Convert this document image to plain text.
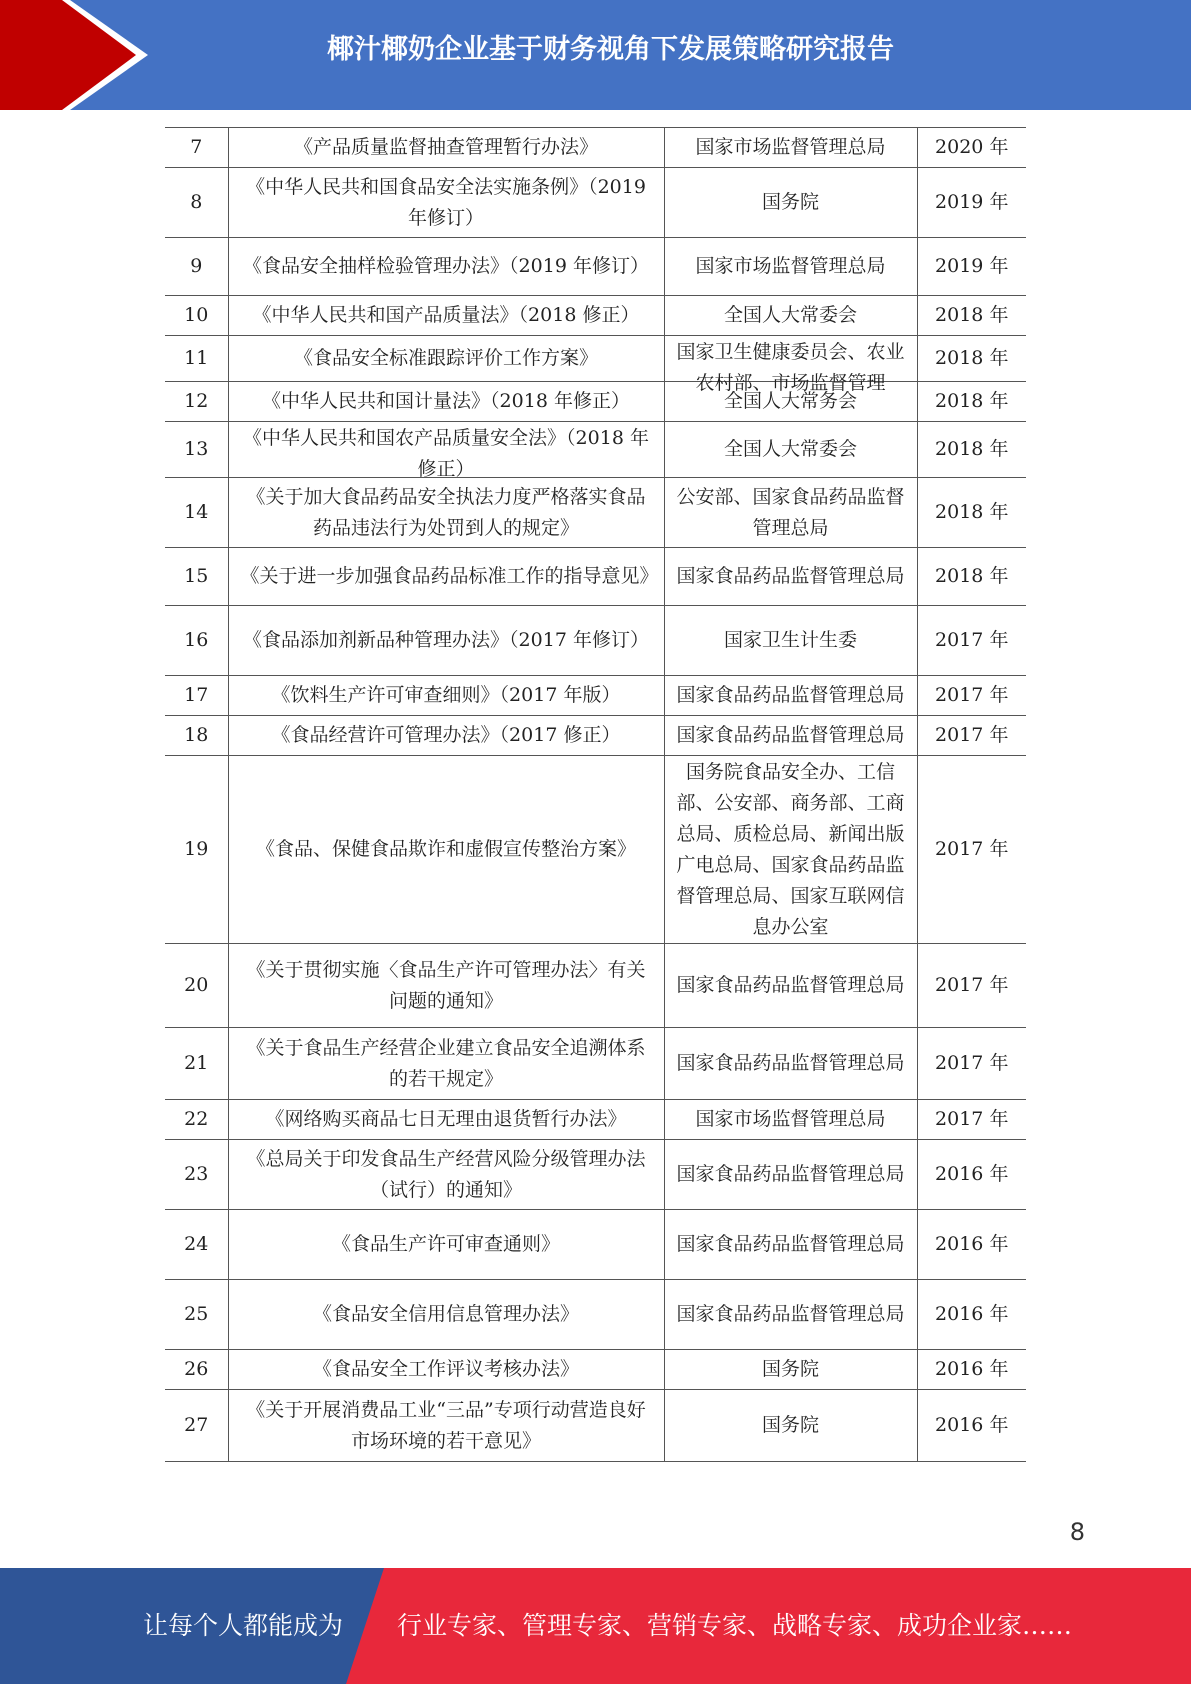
椰汁椰奶企业基于财务视角下发展策略研究报告
7	《产品质量监督抽查管理暂行办法》	国家市场监督管理总局	2020 年

8	《中华人民共和国食品安全法实施条例》（2019 年修订）	国务院	2019 年

9	《食品安全抽样检验管理办法》（2019 年修订）	国家市场监督管理总局	2019 年

10	《中华人民共和国产品质量法》（2018 修正）	全国人大常委会	2018 年

11	《食品安全标准跟踪评价工作方案》	国家卫生健康委员会、农业农村部、市场监督管理	2018 年

12	《中华人民共和国计量法》（2018 年修正）	全国人大常务会	2018 年

13	《中华人民共和国农产品质量安全法》（2018 年修正）	全国人大常委会	2018 年

14	《关于加大食品药品安全执法力度严格落实食品药品违法行为处罚到人的规定》	公安部、国家食品药品监督管理总局	2018 年

15	《关于进一步加强食品药品标准工作的指导意见》	国家食品药品监督管理总局	2018 年

16	《食品添加剂新品种管理办法》（2017 年修订）	国家卫生计生委	2017 年

17	《饮料生产许可审查细则》（2017 年版）	国家食品药品监督管理总局	2017 年

18	《食品经营许可管理办法》（2017 修正）	国家食品药品监督管理总局	2017 年

19	《食品、保健食品欺诈和虚假宣传整治方案》	国务院食品安全办、工信部、公安部、商务部、工商总局、质检总局、新闻出版广电总局、国家食品药品监督管理总局、国家互联网信息办公室	2017 年

20	《关于贯彻实施〈食品生产许可管理办法〉有关问题的通知》	国家食品药品监督管理总局	2017 年

21	《关于食品生产经营企业建立食品安全追溯体系的若干规定》	国家食品药品监督管理总局	2017 年

22	《网络购买商品七日无理由退货暂行办法》	国家市场监督管理总局	2017 年

23	《总局关于印发食品生产经营风险分级管理办法（试行）的通知》	国家食品药品监督管理总局	2016 年

24	《食品生产许可审查通则》	国家食品药品监督管理总局	2016 年

25	《食品安全信用信息管理办法》	国家食品药品监督管理总局	2016 年

26	《食品安全工作评议考核办法》	国务院	2016 年

27	《关于开展消费品工业“三品”专项行动营造良好市场环境的若干意见》	国务院	2016 年
8
让每个人都能成为 行业专家、管理专家、营销专家、战略专家、成功企业家……
